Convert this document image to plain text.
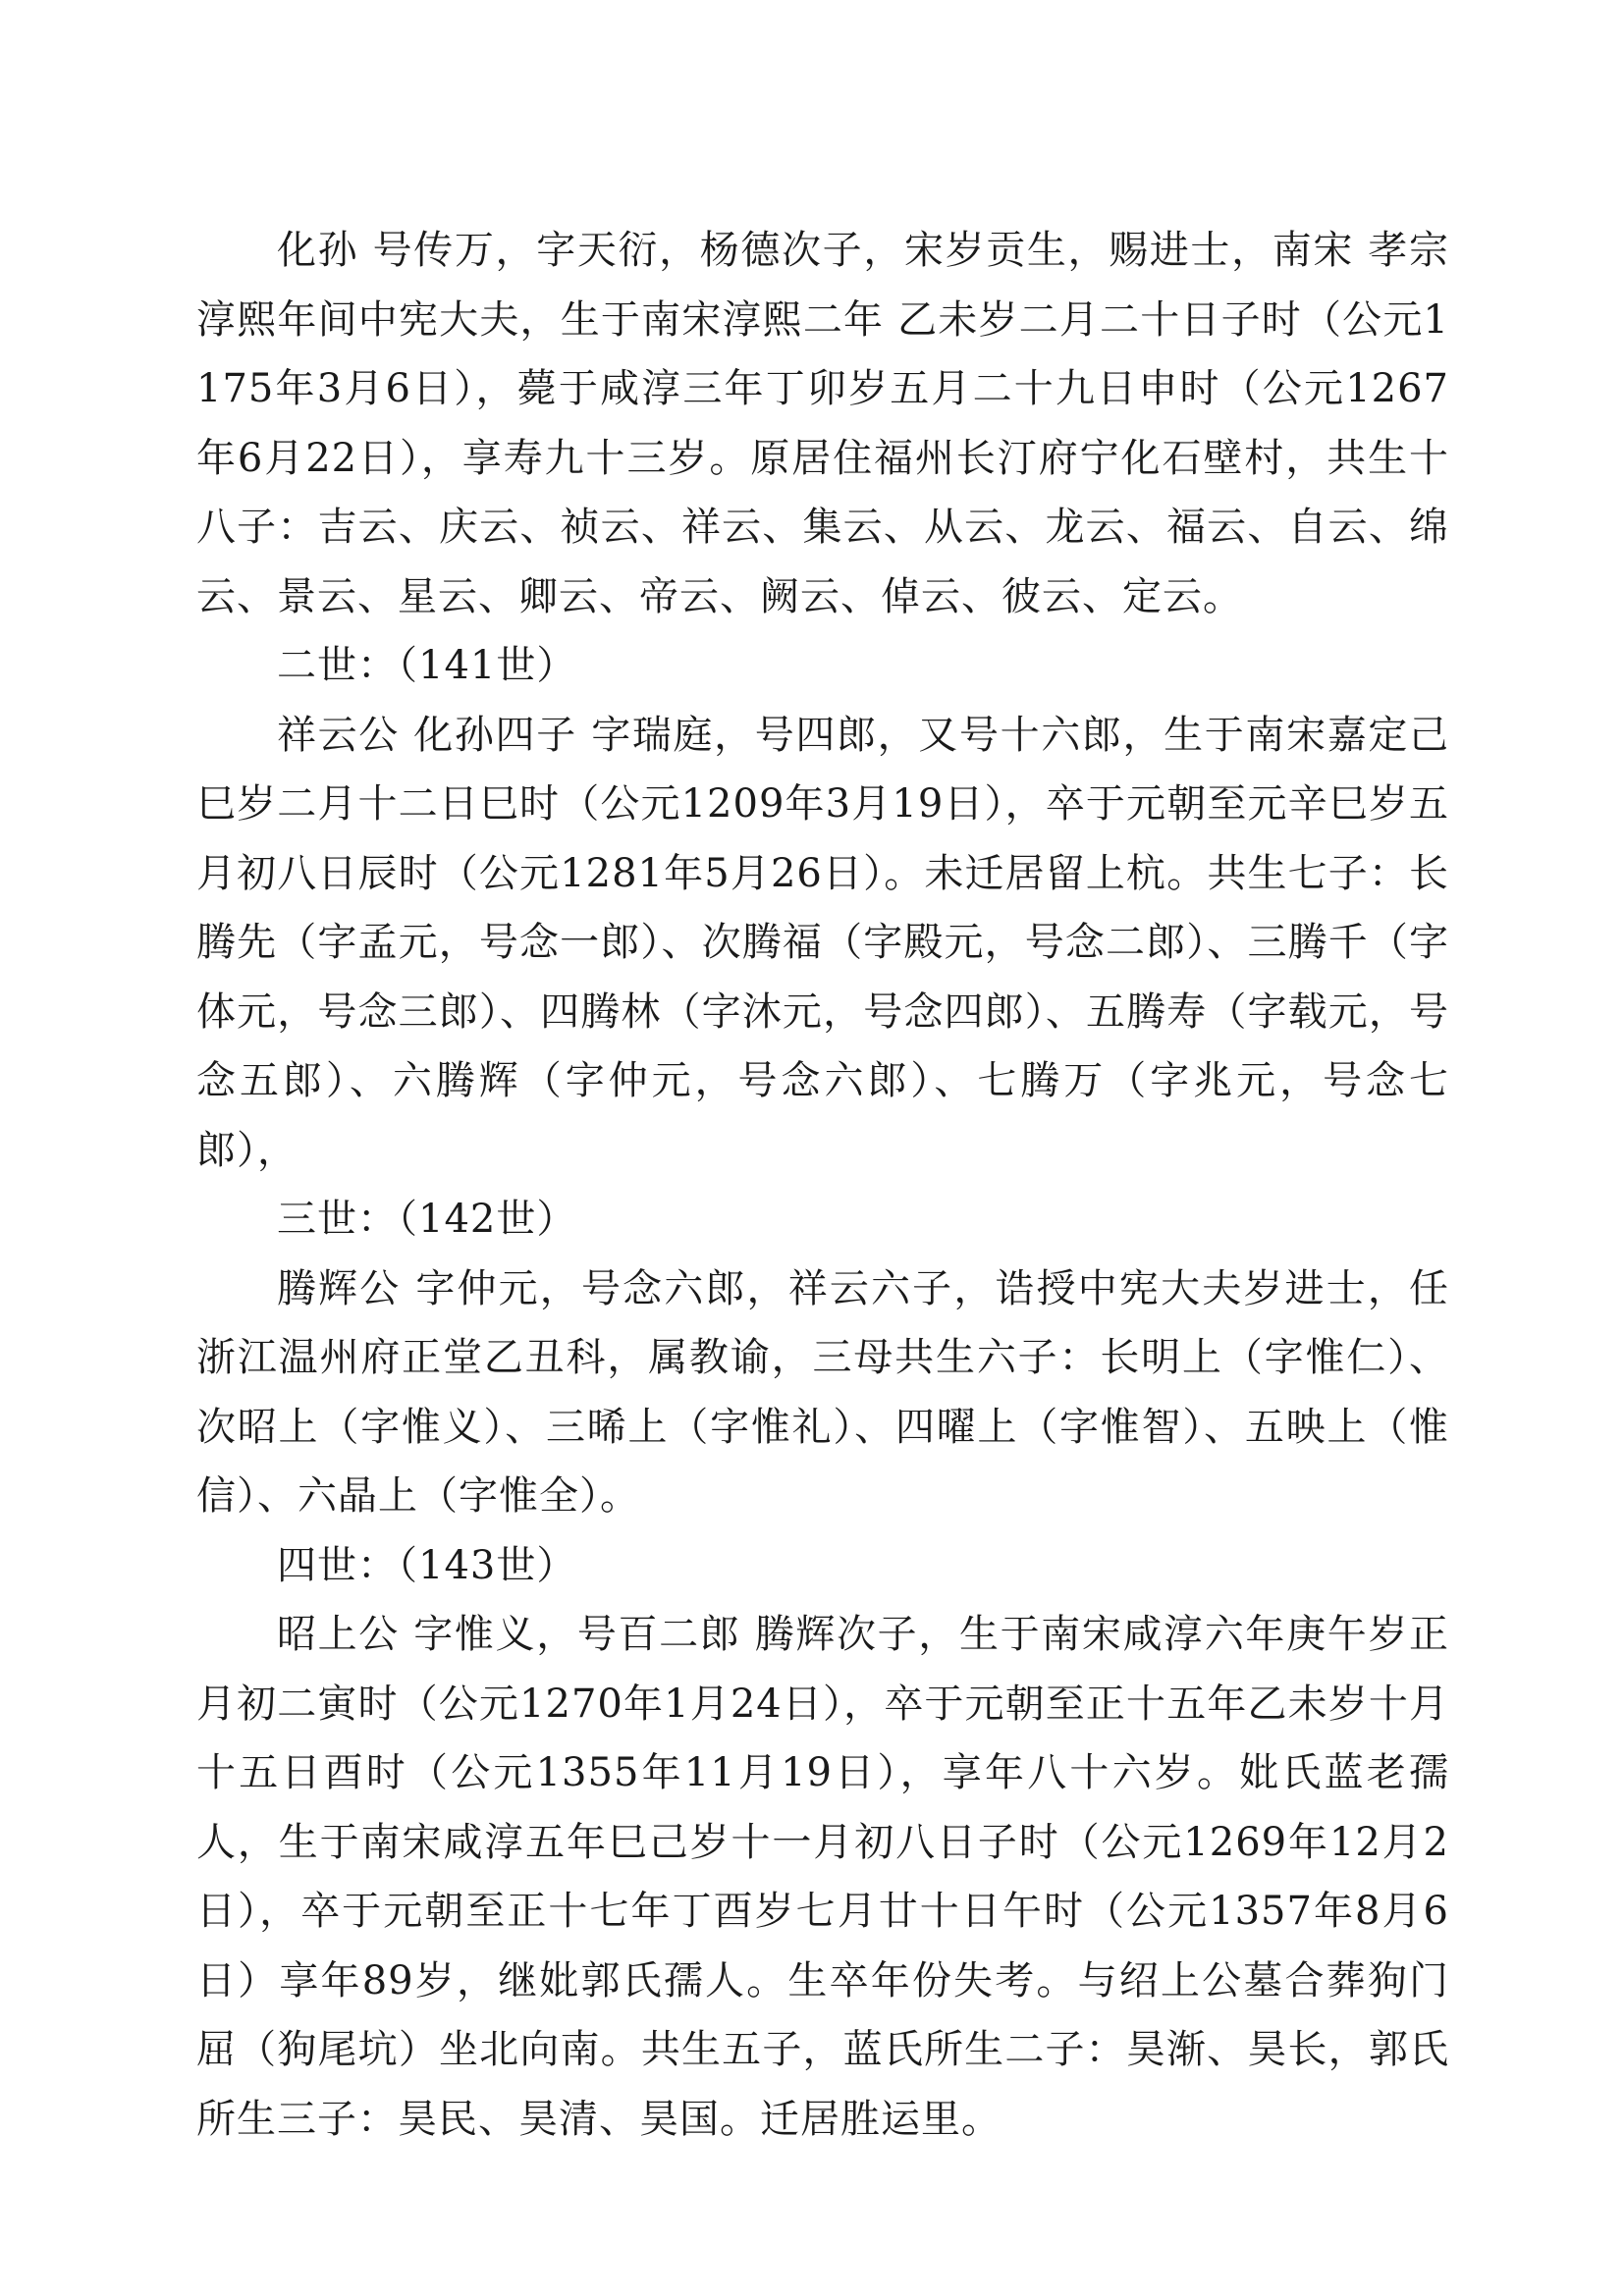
化孙 号传万，字天衍，杨德次子，宋岁贡生，赐进士，南宋 孝宗 淳熙年间中宪大夫，生于南宋淳熙二年 乙未岁二月二十日子时（公元1175年3月6日），薨于咸淳三年丁卯岁五月二十九日申时（公元1267年6月22日），享寿九十三岁。原居住福州长汀府宁化石壁村，共生十八子：吉云、庆云、祯云、祥云、集云、从云、龙云、福云、自云、绵云、景云、星云、卿云、帝云、阙云、倬云、彼云、定云。

二世：（141世）

祥云公 化孙四子 字瑞庭，号四郎，又号十六郎，生于南宋嘉定己巳岁二月十二日巳时（公元1209年3月19日），卒于元朝至元辛巳岁五月初八日辰时（公元1281年5月26日）。未迁居留上杭。共生七子：长腾先（字孟元，号念一郎）、次腾福（字殿元，号念二郎）、三腾千（字体元，号念三郎）、四腾林（字沐元，号念四郎）、五腾寿（字载元，号念五郎）、六腾辉（字仲元，号念六郎）、七腾万（字兆元，号念七郎），

三世：（142世）

腾辉公 字仲元，号念六郎，祥云六子，诰授中宪大夫岁进士，任浙江温州府正堂乙丑科，属教谕，三母共生六子：长明上（字惟仁）、次昭上（字惟义）、三晞上（字惟礼）、四曜上（字惟智）、五映上（惟信）、六晶上（字惟全）。

四世：（143世）

昭上公 字惟义，号百二郎 腾辉次子，生于南宋咸淳六年庚午岁正月初二寅时（公元1270年1月24日），卒于元朝至正十五年乙未岁十月十五日酉时（公元1355年11月19日），享年八十六岁。妣氏蓝老孺人，生于南宋咸淳五年巳己岁十一月初八日子时（公元1269年12月2日），卒于元朝至正十七年丁酉岁七月廿十日午时（公元1357年8月6日）享年89岁，继妣郭氏孺人。生卒年份失考。与绍上公墓合葬狗门屈（狗尾坑）坐北向南。共生五子，蓝氏所生二子：昊渐、昊长，郭氏所生三子：昊民、昊清、昊国。迁居胜运里。
